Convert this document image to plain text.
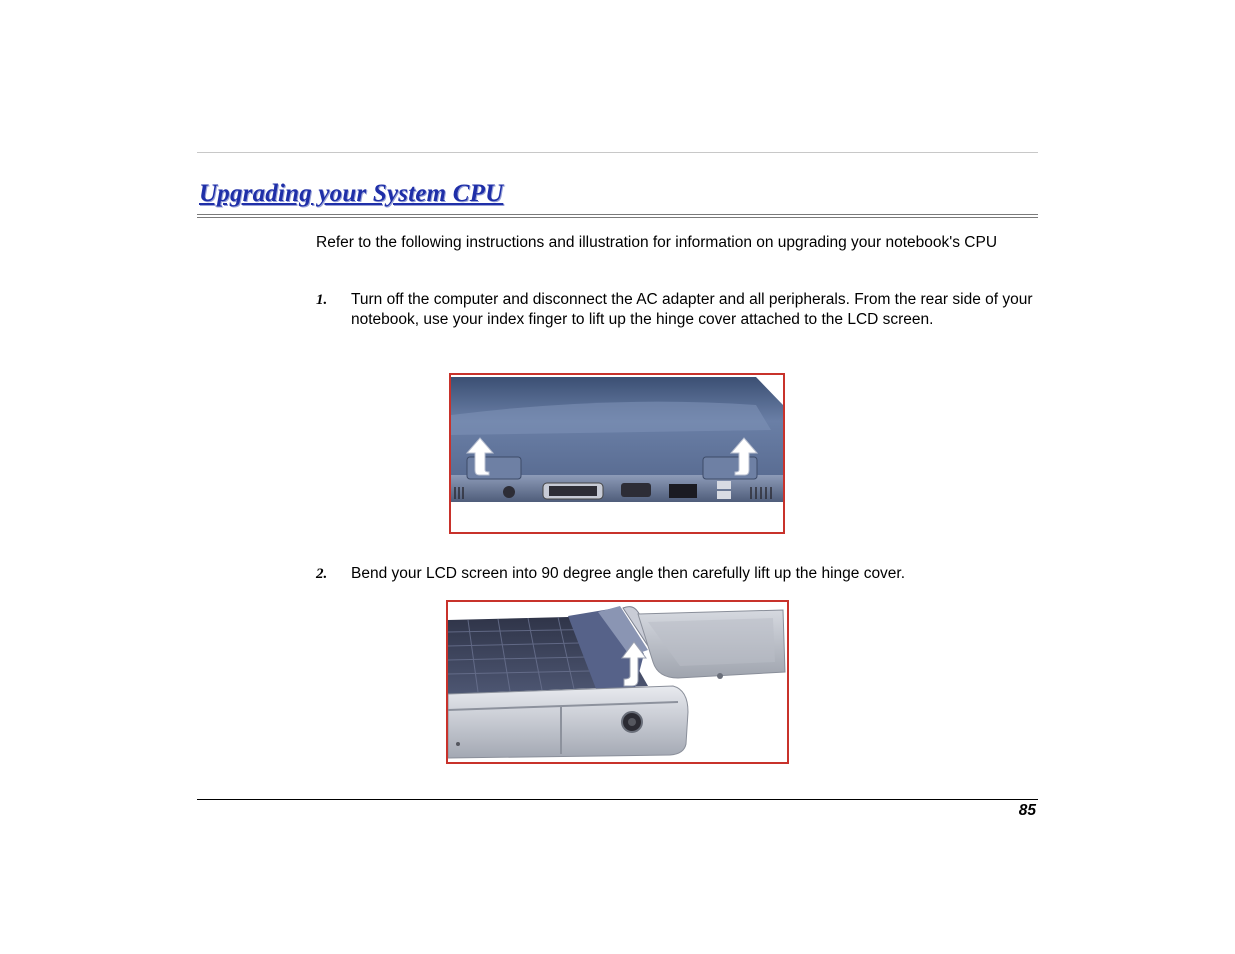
Upgrading your System CPU

Refer to the following instructions and illustration for information on upgrading your notebook's CPU

1. Turn off the computer and disconnect the AC adapter and all peripherals. From the rear side of your notebook, use your index finger to lift up the hinge cover attached to the LCD screen.

2. Bend your LCD screen into 90 degree angle then carefully lift up the hinge cover.

85
